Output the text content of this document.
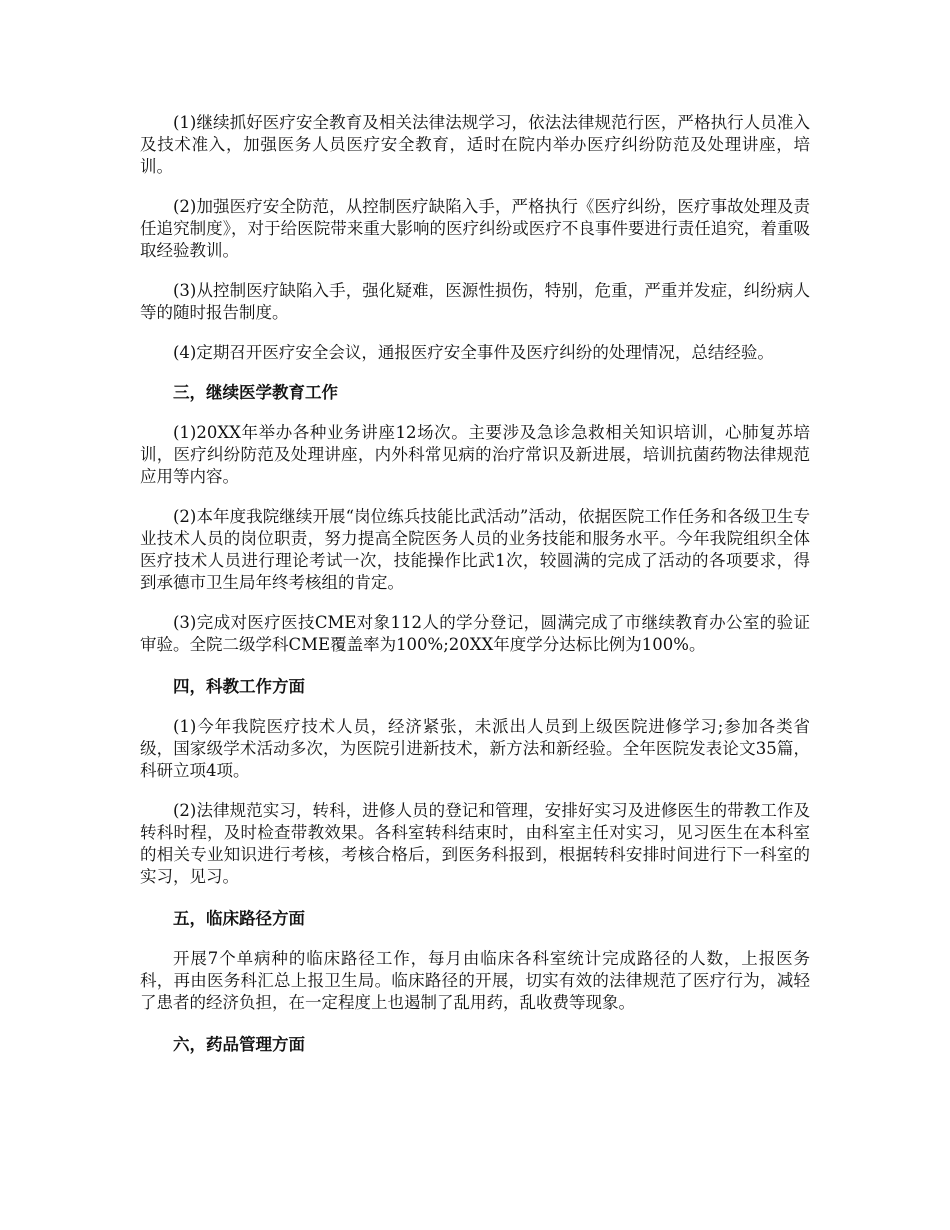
(1)继续抓好医疗安全教育及相关法律法规学习，依法法律规范行医，严格执行人员准入及技术准入，加强医务人员医疗安全教育，适时在院内举办医疗纠纷防范及处理讲座，培训。

(2)加强医疗安全防范，从控制医疗缺陷入手，严格执行《医疗纠纷，医疗事故处理及责任追究制度》，对于给医院带来重大影响的医疗纠纷或医疗不良事件要进行责任追究，着重吸取经验教训。

(3)从控制医疗缺陷入手，强化疑难，医源性损伤，特别，危重，严重并发症，纠纷病人等的随时报告制度。

(4)定期召开医疗安全会议，通报医疗安全事件及医疗纠纷的处理情况，总结经验。

三，继续医学教育工作

(1)20XX年举办各种业务讲座12场次。主要涉及急诊急救相关知识培训，心肺复苏培训，医疗纠纷防范及处理讲座，内外科常见病的治疗常识及新进展，培训抗菌药物法律规范应用等内容。

(2)本年度我院继续开展“岗位练兵技能比武活动”活动，依据医院工作任务和各级卫生专业技术人员的岗位职责，努力提高全院医务人员的业务技能和服务水平。今年我院组织全体医疗技术人员进行理论考试一次，技能操作比武1次，较圆满的完成了活动的各项要求，得到承德市卫生局年终考核组的肯定。

(3)完成对医疗医技CME对象112人的学分登记，圆满完成了市继续教育办公室的验证审验。全院二级学科CME覆盖率为100%;20XX年度学分达标比例为100%。

四，科教工作方面

(1)今年我院医疗技术人员，经济紧张，未派出人员到上级医院进修学习;参加各类省级，国家级学术活动多次，为医院引进新技术，新方法和新经验。全年医院发表论文35篇，科研立项4项。

(2)法律规范实习，转科，进修人员的登记和管理，安排好实习及进修医生的带教工作及转科时程，及时检查带教效果。各科室转科结束时，由科室主任对实习，见习医生在本科室的相关专业知识进行考核，考核合格后，到医务科报到，根据转科安排时间进行下一科室的实习，见习。

五，临床路径方面

开展7个单病种的临床路径工作，每月由临床各科室统计完成路径的人数，上报医务科，再由医务科汇总上报卫生局。临床路径的开展，切实有效的法律规范了医疗行为，减轻了患者的经济负担，在一定程度上也遏制了乱用药，乱收费等现象。

六，药品管理方面
